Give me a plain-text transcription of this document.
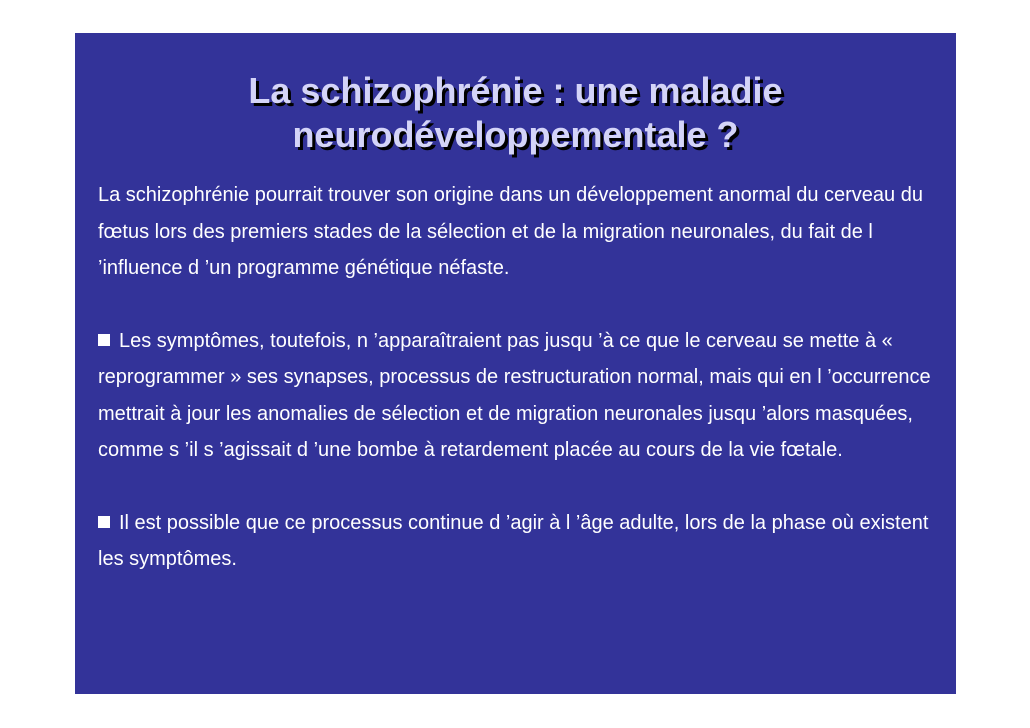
La schizophrénie : une maladie
neurodéveloppementale ?

La schizophrénie pourrait trouver son origine dans un développement anormal du cerveau du fœtus lors des premiers stades de la sélection et de la migration neuronales, du fait de l ’influence d ’un programme génétique néfaste.

Les symptômes, toutefois, n ’apparaîtraient pas jusqu ’à ce que le cerveau se mette à « reprogrammer » ses synapses, processus de restructuration normal, mais qui en l ’occurrence mettrait à jour les anomalies de sélection et de migration neuronales jusqu ’alors masquées, comme s ’il s ’agissait d ’une bombe à retardement placée au cours de la vie fœtale.

Il est possible que ce processus continue d ’agir à l ’âge adulte, lors de la phase où existent les symptômes.
